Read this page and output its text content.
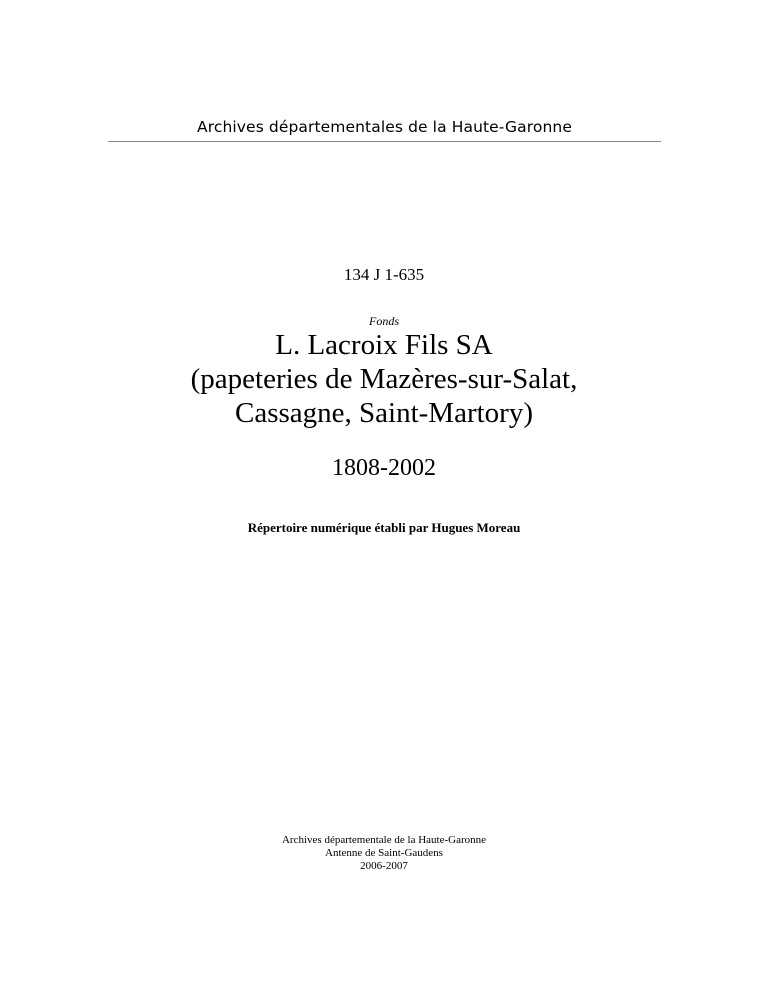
Archives départementales de la Haute-Garonne
134 J 1-635
Fonds
L. Lacroix Fils SA
(papeteries de Mazères-sur-Salat,
Cassagne, Saint-Martory)
1808-2002
Répertoire numérique établi par Hugues Moreau
Archives départementale de la Haute-Garonne
Antenne de Saint-Gaudens
2006-2007
